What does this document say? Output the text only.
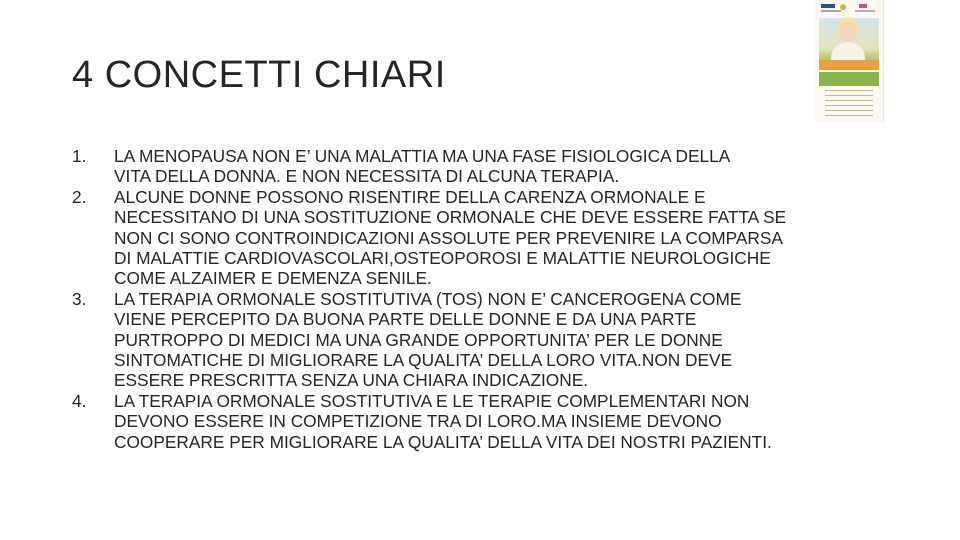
4 CONCETTI CHIARI
1.	LA MENOPAUSA NON E’ UNA MALATTIA MA UNA FASE FISIOLOGICA DELLA
VITA DELLA DONNA. E NON NECESSITA DI ALCUNA TERAPIA.
2.	ALCUNE DONNE POSSONO RISENTIRE DELLA CARENZA ORMONALE E
NECESSITANO DI UNA SOSTITUZIONE ORMONALE CHE DEVE ESSERE FATTA SE
NON CI SONO CONTROINDICAZIONI ASSOLUTE PER PREVENIRE LA COMPARSA
DI MALATTIE CARDIOVASCOLARI,OSTEOPOROSI E MALATTIE NEUROLOGICHE
COME ALZAIMER E DEMENZA SENILE.
3.	LA TERAPIA ORMONALE SOSTITUTIVA (TOS) NON E’ CANCEROGENA COME
VIENE PERCEPITO DA BUONA PARTE DELLE DONNE E DA UNA PARTE
PURTROPPO DI MEDICI MA UNA GRANDE OPPORTUNITA’ PER LE DONNE
SINTOMATICHE DI MIGLIORARE LA QUALITA’ DELLA LORO VITA.NON DEVE
ESSERE PRESCRITTA SENZA UNA CHIARA INDICAZIONE.
4.	LA TERAPIA ORMONALE SOSTITUTIVA E LE TERAPIE COMPLEMENTARI NON
DEVONO ESSERE IN COMPETIZIONE TRA DI LORO.MA INSIEME DEVONO
COOPERARE PER MIGLIORARE LA QUALITA’ DELLA VITA DEI NOSTRI PAZIENTI.
